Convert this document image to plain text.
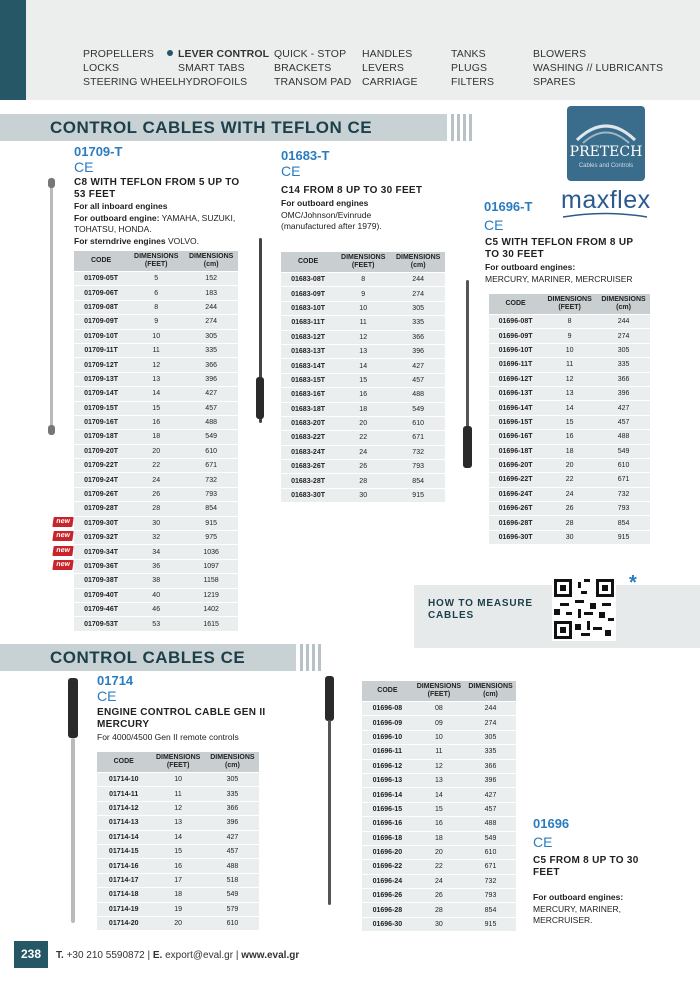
PROPELLERS
LOCKS
STEERING WHEEL
LEVER CONTROL
SMART TABS
HYDROFOILS
QUICK - STOP
BRACKETS
TRANSOM PAD
HANDLES
LEVERS
CARRIAGE
TANKS
PLUGS
FILTERS
BLOWERS
WASHING // LUBRICANTS
SPARES
CONTROL CABLES WITH TEFLON CE
PRETECH
Cables and Controls
maxflex
01709-T
CE
C8 WITH TEFLON FROM 5 UP TO 53 FEET
For all inboard engines
For outboard engine: YAMAHA, SUZUKI, TOHATSU, HONDA.
For sterndrive engines VOLVO.
CODE	DIMENSIONS (FEET)	DIMENSIONS (cm)
01709-05T	5	152
01709-06T	6	183
01709-08T	8	244
01709-09T	9	274
01709-10T	10	305
01709-11T	11	335
01709-12T	12	366
01709-13T	13	396
01709-14T	14	427
01709-15T	15	457
01709-16T	16	488
01709-18T	18	549
01709-20T	20	610
01709-22T	22	671
01709-24T	24	732
01709-26T	26	793
01709-28T	28	854
01709-30T	30	915
01709-32T	32	975
01709-34T	34	1036
01709-36T	36	1097
01709-38T	38	1158
01709-40T	40	1219
01709-46T	46	1402
01709-53T	53	1615
new
new
new
new
01683-T
CE
C14 FROM 8 UP TO 30 FEET
For outboard engines
OMC/Johnson/Evinrude (manufactured after 1979).
CODE	DIMENSIONS (FEET)	DIMENSIONS (cm)
01683-08T	8	244
01683-09T	9	274
01683-10T	10	305
01683-11T	11	335
01683-12T	12	366
01683-13T	13	396
01683-14T	14	427
01683-15T	15	457
01683-16T	16	488
01683-18T	18	549
01683-20T	20	610
01683-22T	22	671
01683-24T	24	732
01683-26T	26	793
01683-28T	28	854
01683-30T	30	915
01696-T
CE
C5 WITH TEFLON FROM 8 UP TO 30 FEET
For outboard engines:
MERCURY, MARINER, MERCRUISER
CODE	DIMENSIONS (FEET)	DIMENSIONS (cm)
01696-08T	8	244
01696-09T	9	274
01696-10T	10	305
01696-11T	11	335
01696-12T	12	366
01696-13T	13	396
01696-14T	14	427
01696-15T	15	457
01696-16T	16	488
01696-18T	18	549
01696-20T	20	610
01696-22T	22	671
01696-24T	24	732
01696-26T	26	793
01696-28T	28	854
01696-30T	30	915
HOW TO MEASURE CABLES
*
CONTROL CABLES CE
01714
CE
ENGINE CONTROL CABLE GEN II MERCURY
For 4000/4500 Gen II remote controls
CODE	DIMENSIONS (FEET)	DIMENSIONS (cm)
01714-10	10	305
01714-11	11	335
01714-12	12	366
01714-13	13	396
01714-14	14	427
01714-15	15	457
01714-16	16	488
01714-17	17	518
01714-18	18	549
01714-19	19	579
01714-20	20	610
CODE	DIMENSIONS (FEET)	DIMENSIONS (cm)
01696-08	08	244
01696-09	09	274
01696-10	10	305
01696-11	11	335
01696-12	12	366
01696-13	13	396
01696-14	14	427
01696-15	15	457
01696-16	16	488
01696-18	18	549
01696-20	20	610
01696-22	22	671
01696-24	24	732
01696-26	26	793
01696-28	28	854
01696-30	30	915
01696
CE
C5 FROM 8 UP TO 30 FEET
For outboard engines:
MERCURY, MARINER, MERCRUISER.
238	T. +30 210 5590872 | E. export@eval.gr | www.eval.gr
